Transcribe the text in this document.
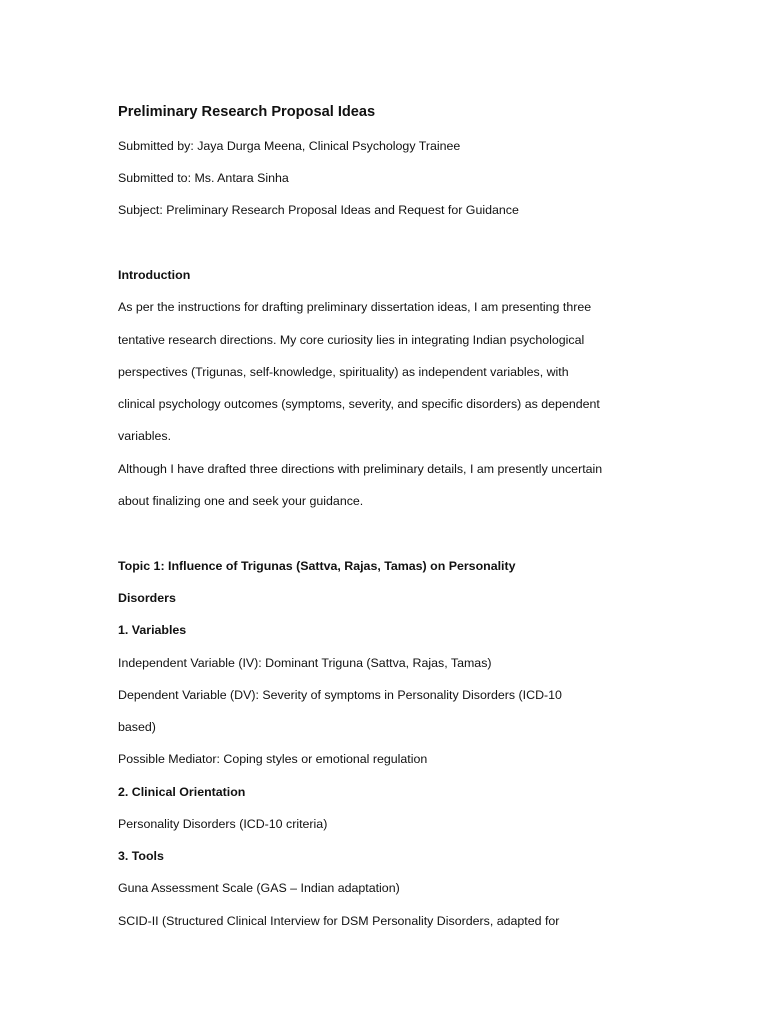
Preliminary Research Proposal Ideas

Submitted by: Jaya Durga Meena, Clinical Psychology Trainee

Submitted to: Ms. Antara Sinha

Subject: Preliminary Research Proposal Ideas and Request for Guidance

Introduction

As per the instructions for drafting preliminary dissertation ideas, I am presenting three

tentative research directions. My core curiosity lies in integrating Indian psychological

perspectives (Trigunas, self-knowledge, spirituality) as independent variables, with

clinical psychology outcomes (symptoms, severity, and specific disorders) as dependent

variables.

Although I have drafted three directions with preliminary details, I am presently uncertain

about finalizing one and seek your guidance.

Topic 1: Influence of Trigunas (Sattva, Rajas, Tamas) on Personality

Disorders

1. Variables

Independent Variable (IV): Dominant Triguna (Sattva, Rajas, Tamas)

Dependent Variable (DV): Severity of symptoms in Personality Disorders (ICD-10

based)

Possible Mediator: Coping styles or emotional regulation

2. Clinical Orientation

Personality Disorders (ICD-10 criteria)

3. Tools

Guna Assessment Scale (GAS – Indian adaptation)

SCID-II (Structured Clinical Interview for DSM Personality Disorders, adapted for
